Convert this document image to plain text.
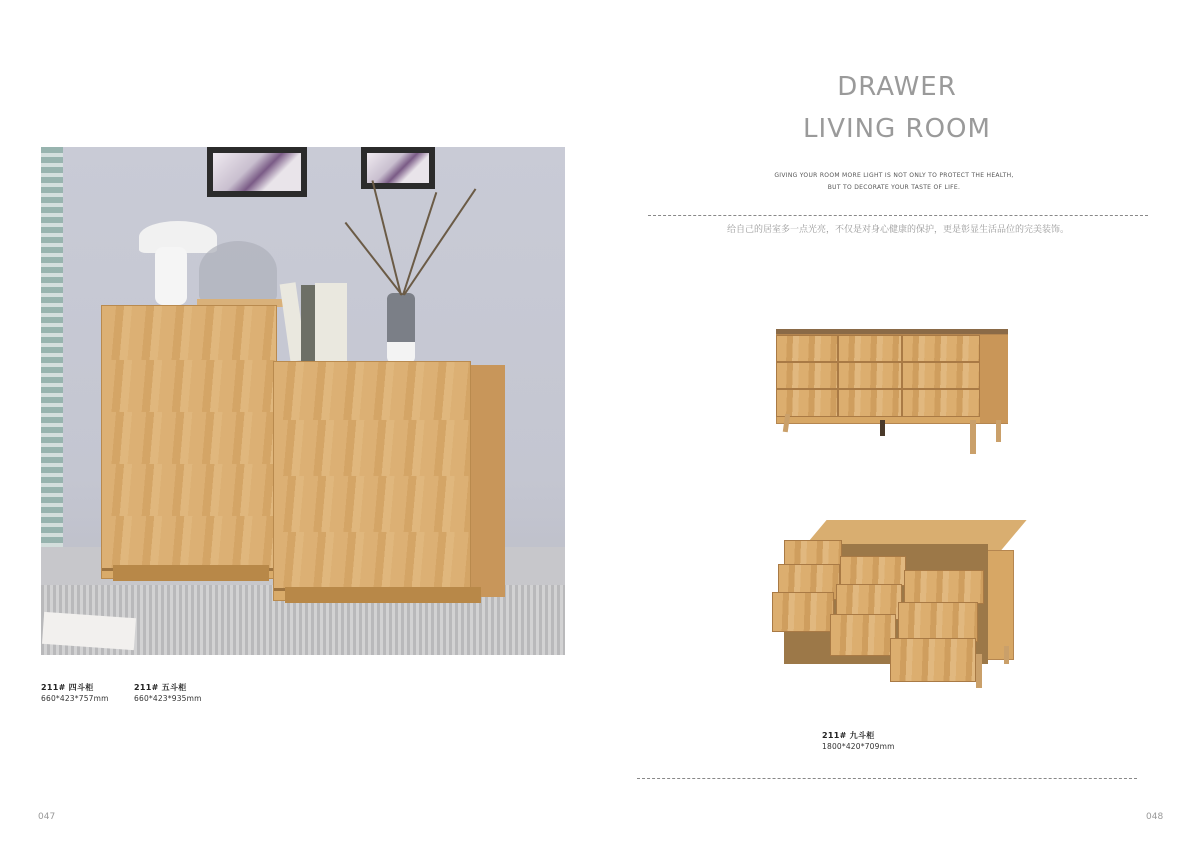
211# 四斗柜
660*423*757mm
211# 五斗柜
660*423*935mm
047
DRAWER
LIVING ROOM
GIVING YOUR ROOM MORE LIGHT IS NOT ONLY TO PROTECT THE HEALTH,
BUT TO DECORATE YOUR TASTE OF LIFE.
给自己的居室多一点光亮，不仅是对身心健康的保护，更是彰显生活品位的完美装饰。
211# 九斗柜
1800*420*709mm
048
